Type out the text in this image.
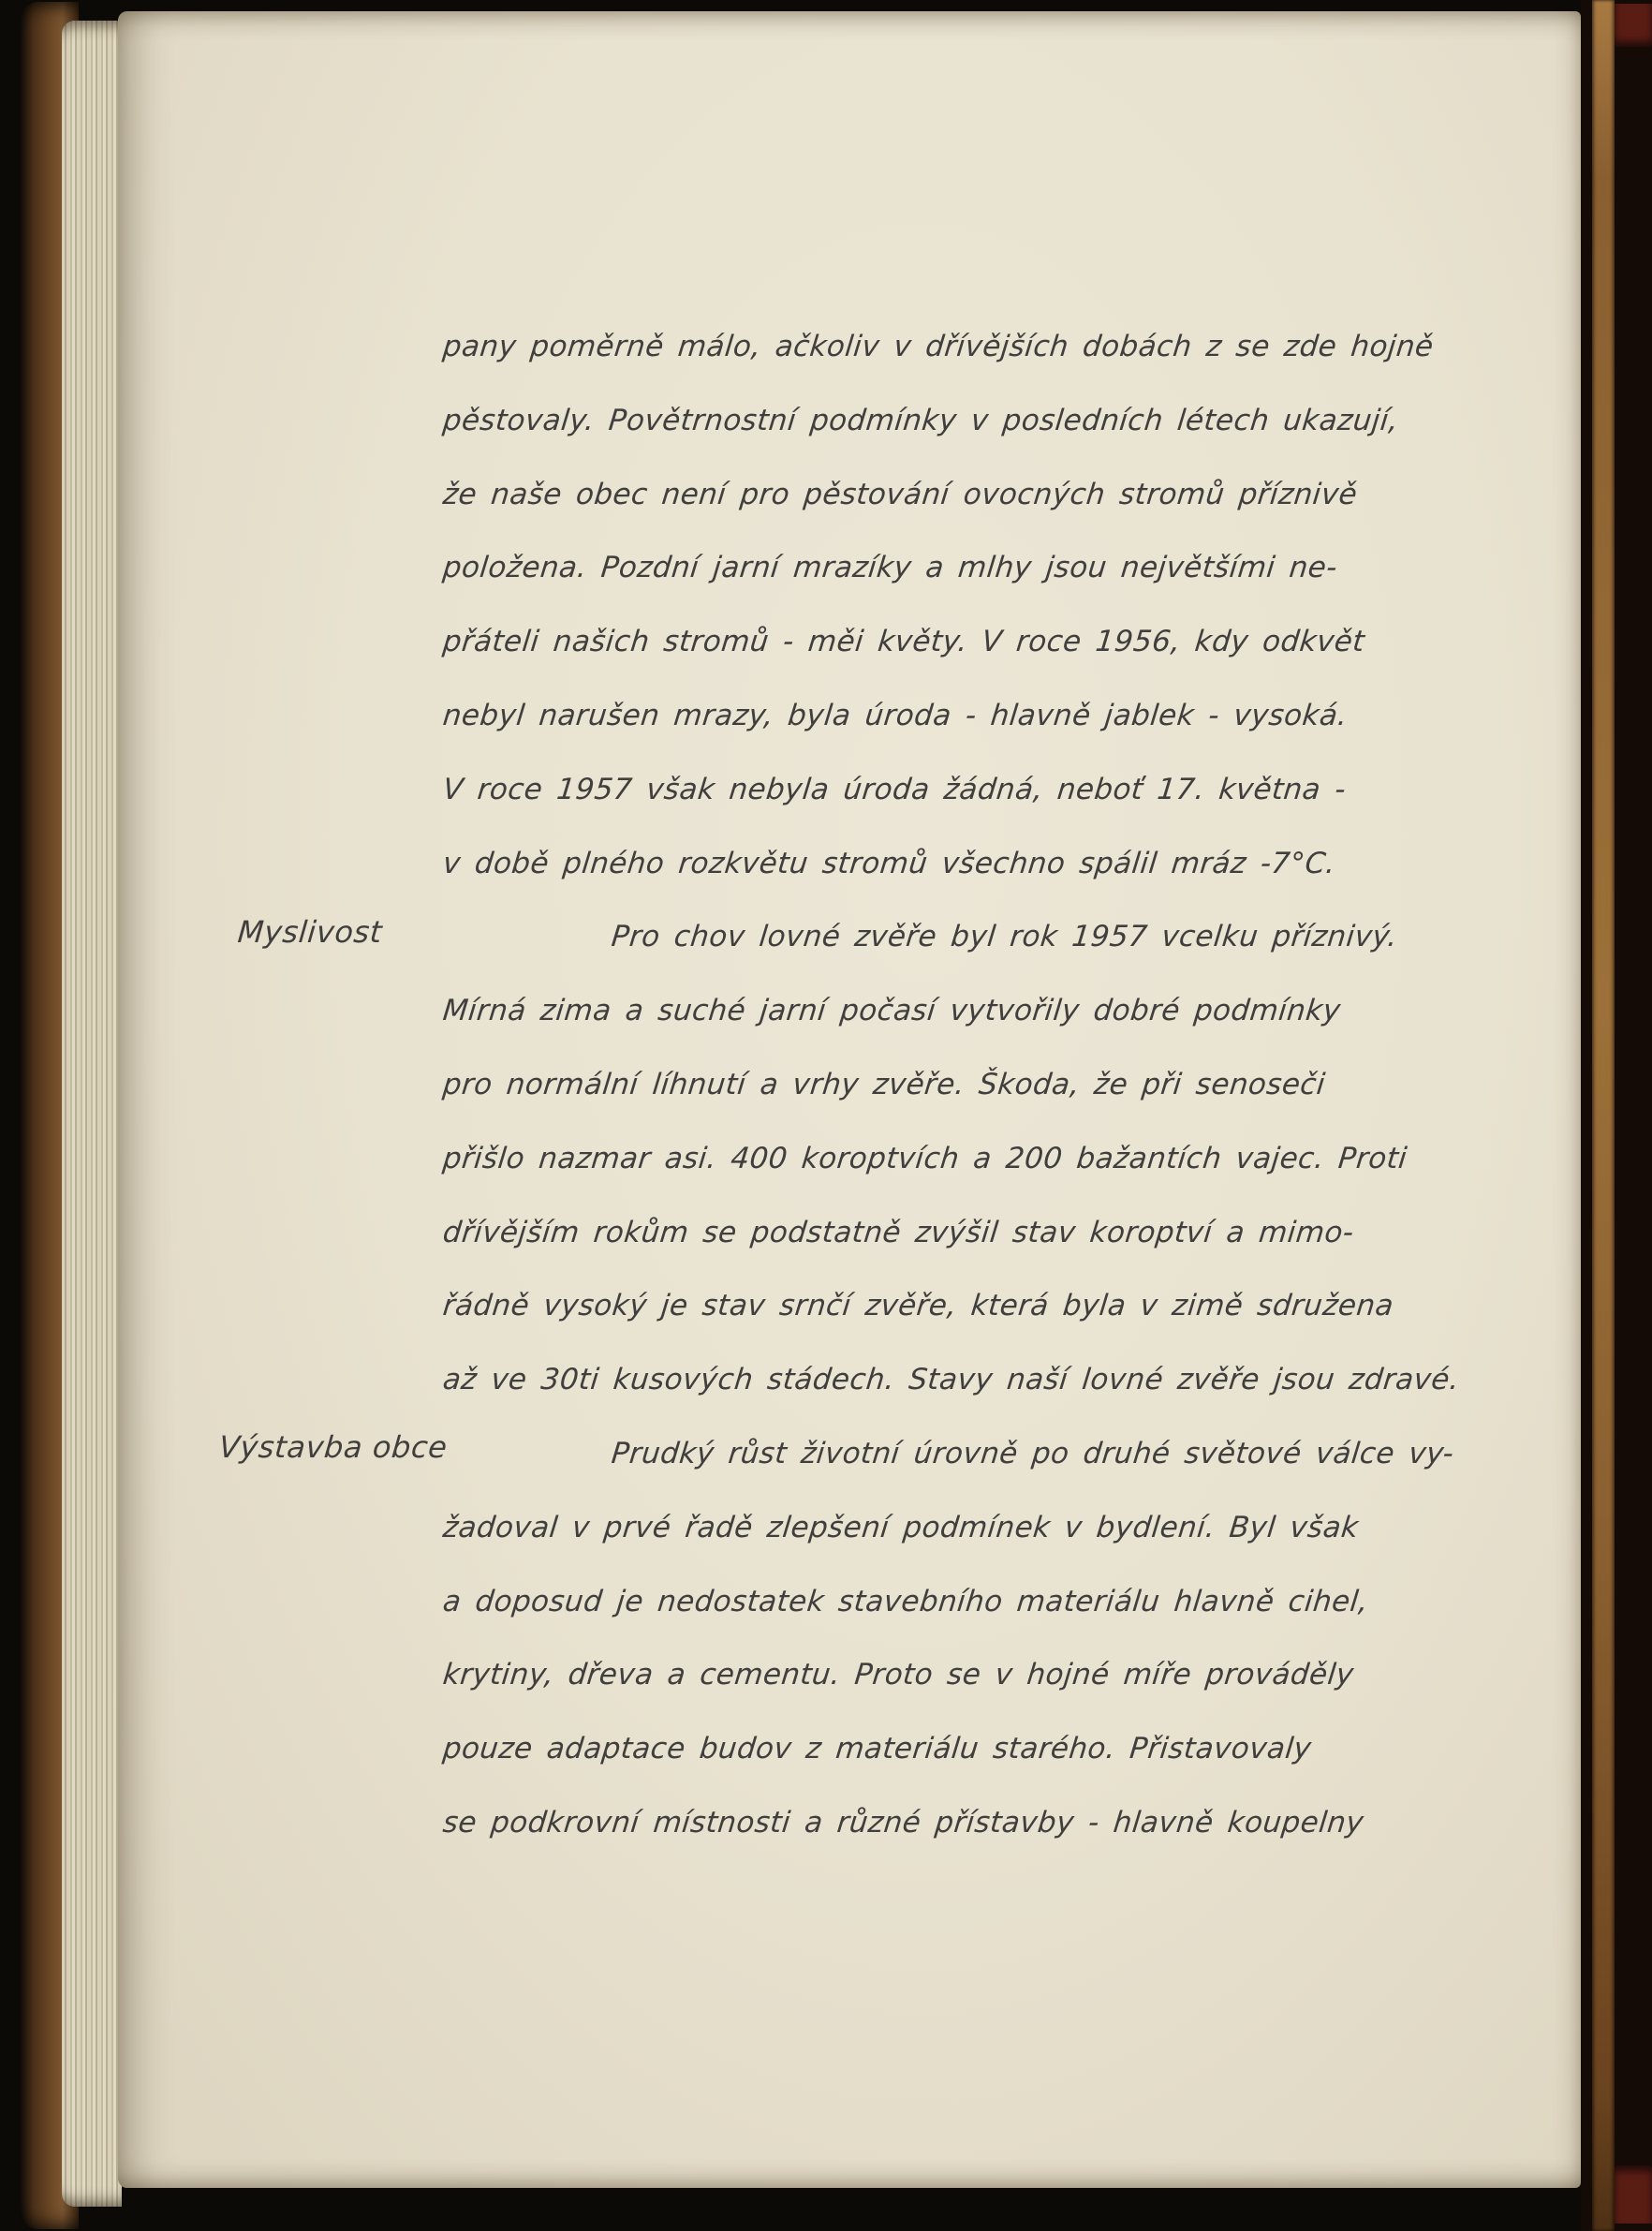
Myslivost
Výstavba obce
pany poměrně málo, ačkoliv v dřívějších dobách z se zde hojně
pěstovaly. Povětrnostní podmínky v posledních létech ukazují,
že naše obec není pro pěstování ovocných stromů příznivě
položena. Pozdní jarní mrazíky a mlhy jsou největšími ne-
přáteli našich stromů - měi květy. V roce 1956, kdy odkvět
nebyl narušen mrazy, byla úroda - hlavně jablek - vysoká.
V roce 1957 však nebyla úroda žádná, neboť 17. května -
v době plného rozkvětu stromů všechno spálil mráz -7°C.
Pro chov lovné zvěře byl rok 1957 vcelku příznivý.
Mírná zima a suché jarní počasí vytvořily dobré podmínky
pro normální líhnutí a vrhy zvěře. Škoda, že při senoseči
přišlo nazmar asi. 400 koroptvích a 200 bažantích vajec. Proti
dřívějším rokům se podstatně zvýšil stav koroptví a mimo-
řádně vysoký je stav srnčí zvěře, která byla v zimě sdružena
až ve 30ti kusových stádech. Stavy naší lovné zvěře jsou zdravé.
Prudký růst životní úrovně po druhé světové válce vy-
žadoval v prvé řadě zlepšení podmínek v bydlení. Byl však
a doposud je nedostatek stavebního materiálu hlavně cihel,
krytiny, dřeva a cementu. Proto se v hojné míře prováděly
pouze adaptace budov z materiálu starého. Přistavovaly
se podkrovní místnosti a různé přístavby - hlavně koupelny
